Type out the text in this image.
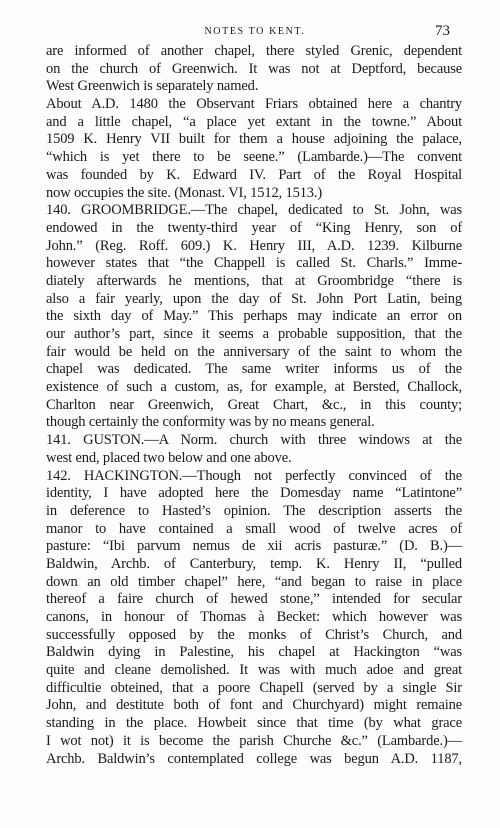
NOTES TO KENT.	73
are informed of another chapel, there styled Grenic, dependent
on the church of Greenwich. It was not at Deptford, because
West Greenwich is separately named.
About A.D. 1480 the Observant Friars obtained here a chantry
and a little chapel, “a place yet extant in the towne.” About
1509 K. Henry VII built for them a house adjoining the palace,
“which is yet there to be seene.” (Lambarde.)—The convent
was founded by K. Edward IV. Part of the Royal Hospital
now occupies the site. (Monast. VI, 1512, 1513.)
140. GROOMBRIDGE.—The chapel, dedicated to St. John, was
endowed in the twenty-third year of “King Henry, son of
John.” (Reg. Roff. 609.) K. Henry III, A.D. 1239. Kilburne
however states that “the Chappell is called St. Charls.” Imme-
diately afterwards he mentions, that at Groombridge “there is
also a fair yearly, upon the day of St. John Port Latin, being
the sixth day of May.” This perhaps may indicate an error on
our author’s part, since it seems a probable supposition, that the
fair would be held on the anniversary of the saint to whom the
chapel was dedicated. The same writer informs us of the
existence of such a custom, as, for example, at Bersted, Challock,
Charlton near Greenwich, Great Chart, &c., in this county;
though certainly the conformity was by no means general.
141. GUSTON.—A Norm. church with three windows at the
west end, placed two below and one above.
142. HACKINGTON.—Though not perfectly convinced of the
identity, I have adopted here the Domesday name “Latintone”
in deference to Hasted’s opinion. The description asserts the
manor to have contained a small wood of twelve acres of
pasture: “Ibi parvum nemus de xii acris pasturæ.” (D. B.)—
Baldwin, Archb. of Canterbury, temp. K. Henry II, “pulled
down an old timber chapel” here, “and began to raise in place
thereof a faire church of hewed stone,” intended for secular
canons, in honour of Thomas à Becket: which however was
successfully opposed by the monks of Christ’s Church, and
Baldwin dying in Palestine, his chapel at Hackington “was
quite and cleane demolished. It was with much adoe and great
difficultie obteined, that a poore Chapell (served by a single Sir
John, and destitute both of font and Churchyard) might remaine
standing in the place. Howbeit since that time (by what grace
I wot not) it is become the parish Churche &c.” (Lambarde.)—
Archb. Baldwin’s contemplated college was begun A.D. 1187,
